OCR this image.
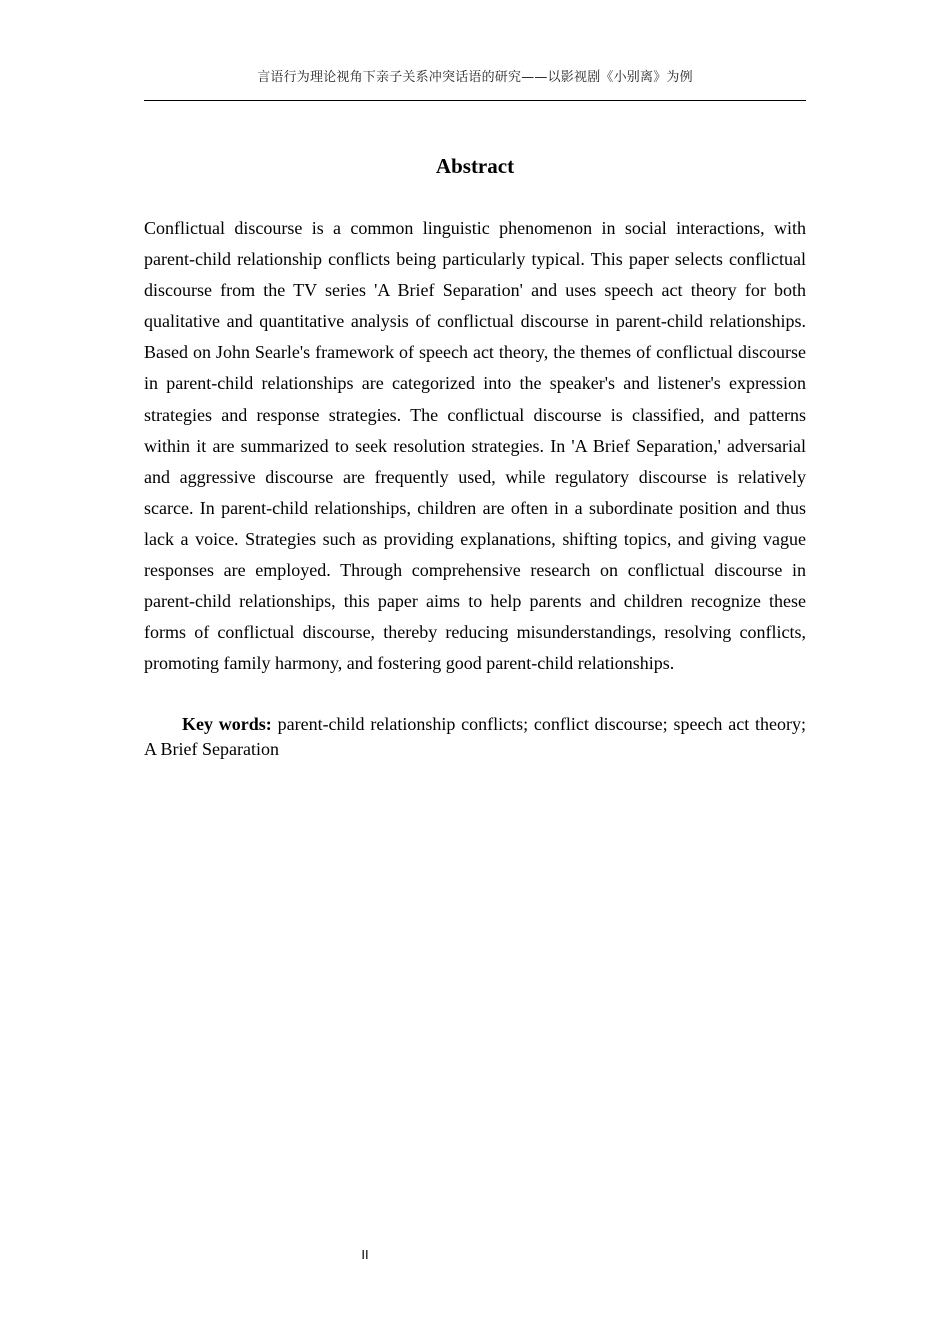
言语行为理论视角下亲子关系冲突话语的研究——以影视剧《小别离》为例
Abstract

Conflictual discourse is a common linguistic phenomenon in social interactions, with parent-child relationship conflicts being particularly typical. This paper selects conflictual discourse from the TV series 'A Brief Separation' and uses speech act theory for both qualitative and quantitative analysis of conflictual discourse in parent-child relationships. Based on John Searle's framework of speech act theory, the themes of conflictual discourse in parent-child relationships are categorized into the speaker's and listener's expression strategies and response strategies. The conflictual discourse is classified, and patterns within it are summarized to seek resolution strategies. In 'A Brief Separation,' adversarial and aggressive discourse are frequently used, while regulatory discourse is relatively scarce. In parent-child relationships, children are often in a subordinate position and thus lack a voice. Strategies such as providing explanations, shifting topics, and giving vague responses are employed. Through comprehensive research on conflictual discourse in parent-child relationships, this paper aims to help parents and children recognize these forms of conflictual discourse, thereby reducing misunderstandings, resolving conflicts, promoting family harmony, and fostering good parent-child relationships.

Key words: parent-child relationship conflicts; conflict discourse; speech act theory; A Brief Separation

II
